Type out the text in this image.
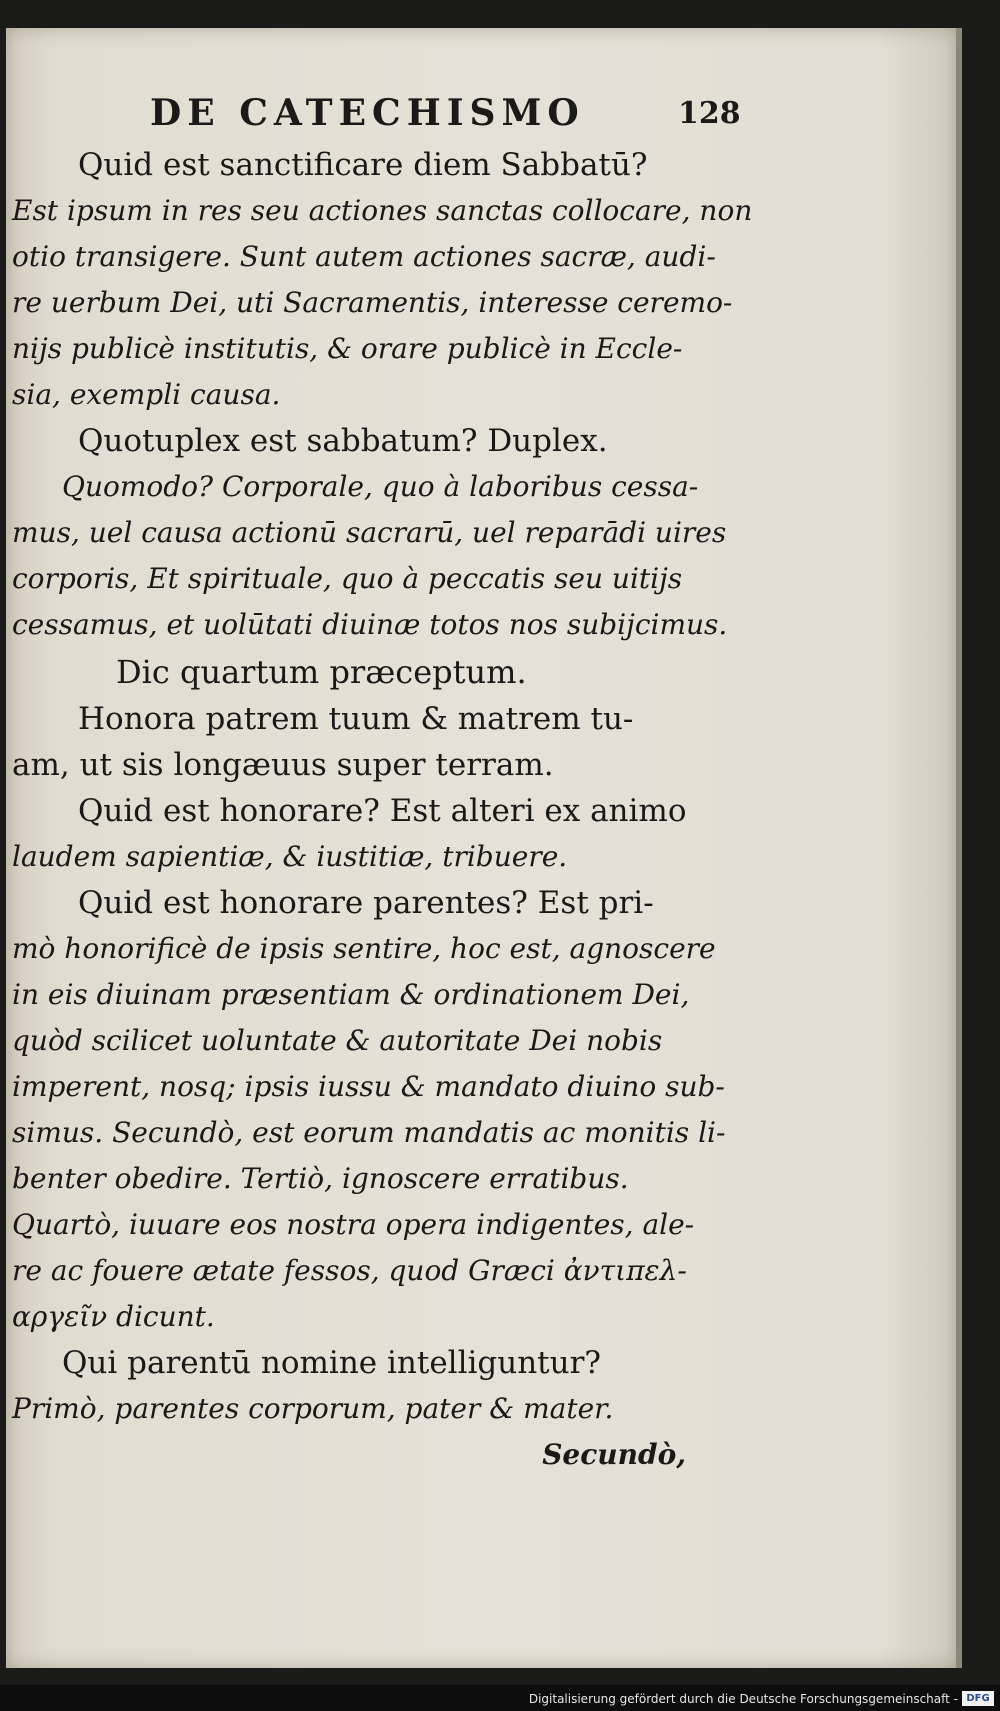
DE CATECHISMO	128
Quid est sanctificare diem Sabbatū?
Est ipsum in res seu actiones sanctas collocare, non
otio transigere. Sunt autem actiones sacræ, audi-
re uerbum Dei, uti Sacramentis, interesse ceremo-
nijs publicè institutis, & orare publicè in Eccle-
sia, exempli causa.
Quotuplex est sabbatum? Duplex.
Quomodo? Corporale, quo à laboribus cessa-
mus, uel causa actionū sacrarū, uel reparādi uires
corporis, Et spirituale, quo à peccatis seu uitijs
cessamus, et uolūtati diuinæ totos nos subijcimus.
Dic quartum præceptum.
Honora patrem tuum & matrem tu-
am, ut sis longæuus super terram.
Quid est honorare? Est alteri ex animo
laudem sapientiæ, & iustitiæ, tribuere.
Quid est honorare parentes? Est pri-
mò honorificè de ipsis sentire, hoc est, agnoscere
in eis diuinam præsentiam & ordinationem Dei,
quòd scilicet uoluntate & autoritate Dei nobis
imperent, nosq; ipsis iussu & mandato diuino sub-
simus. Secundò, est eorum mandatis ac monitis li-
benter obedire. Tertiò, ignoscere erratibus.
Quartò, iuuare eos nostra opera indigentes, ale-
re ac fouere ætate fessos, quod Græci ἀντιπελ-
αργεῖν dicunt.
Qui parentū nomine intelliguntur?
Primò, parentes corporum, pater & mater.
Secundò,
Digitalisierung gefördert durch die Deutsche Forschungsgemeinschaft - DFG
